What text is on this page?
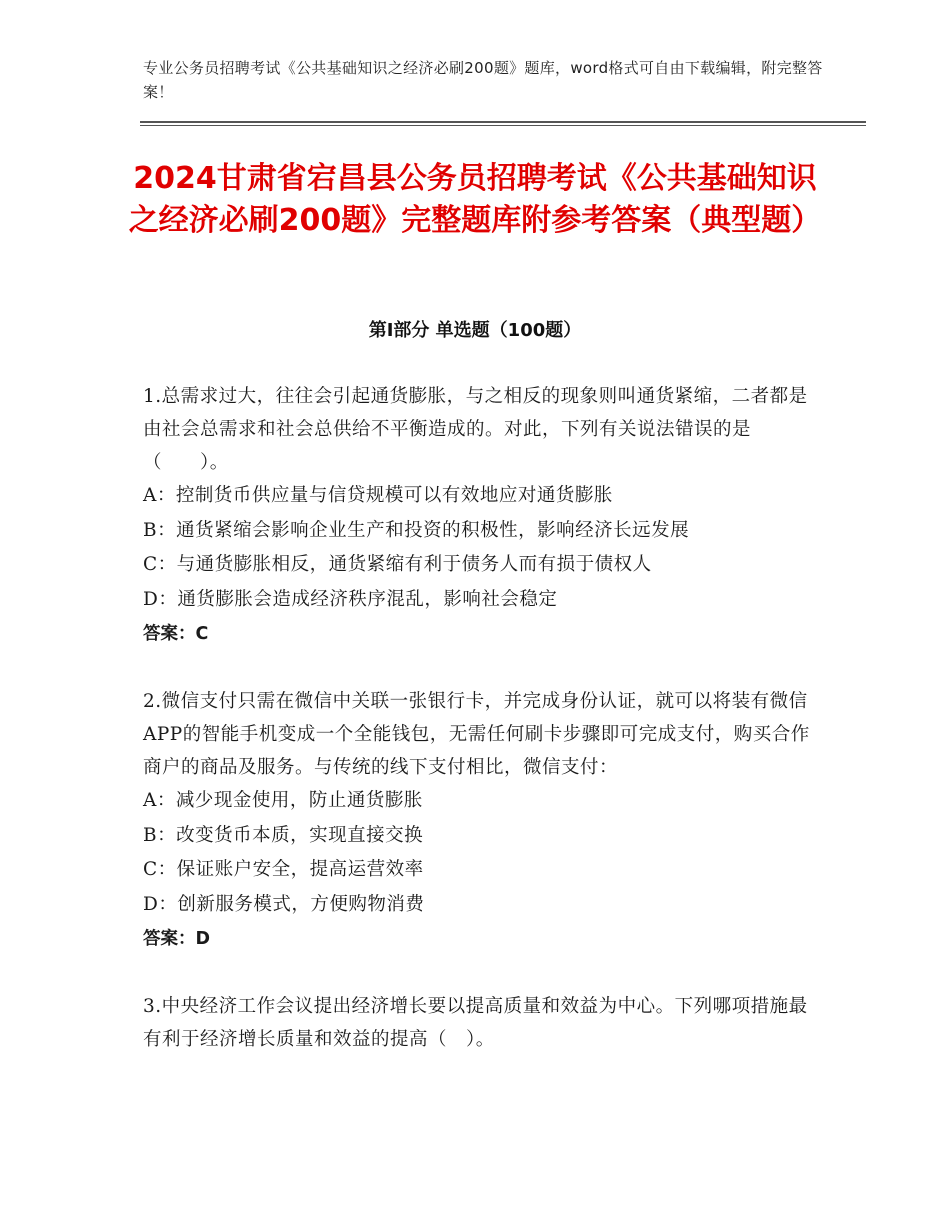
专业公务员招聘考试《公共基础知识之经济必刷200题》题库，word格式可自由下载编辑，附完整答案！
2024甘肃省宕昌县公务员招聘考试《公共基础知识之经济必刷200题》完整题库附参考答案（典型题）
第Ⅰ部分 单选题（100题）

1.总需求过大，往往会引起通货膨胀，与之相反的现象则叫通货紧缩，二者都是由社会总需求和社会总供给不平衡造成的。对此，下列有关说法错误的是（　　）。

A：控制货币供应量与信贷规模可以有效地应对通货膨胀

B：通货紧缩会影响企业生产和投资的积极性，影响经济长远发展

C：与通货膨胀相反，通货紧缩有利于债务人而有损于债权人

D：通货膨胀会造成经济秩序混乱，影响社会稳定

答案：C

2.微信支付只需在微信中关联一张银行卡，并完成身份认证，就可以将装有微信APP的智能手机变成一个全能钱包，无需任何刷卡步骤即可完成支付，购买合作商户的商品及服务。与传统的线下支付相比，微信支付：

A：减少现金使用，防止通货膨胀

B：改变货币本质，实现直接交换

C：保证账户安全，提高运营效率

D：创新服务模式，方便购物消费

答案：D

3.中央经济工作会议提出经济增长要以提高质量和效益为中心。下列哪项措施最有利于经济增长质量和效益的提高（　）。
